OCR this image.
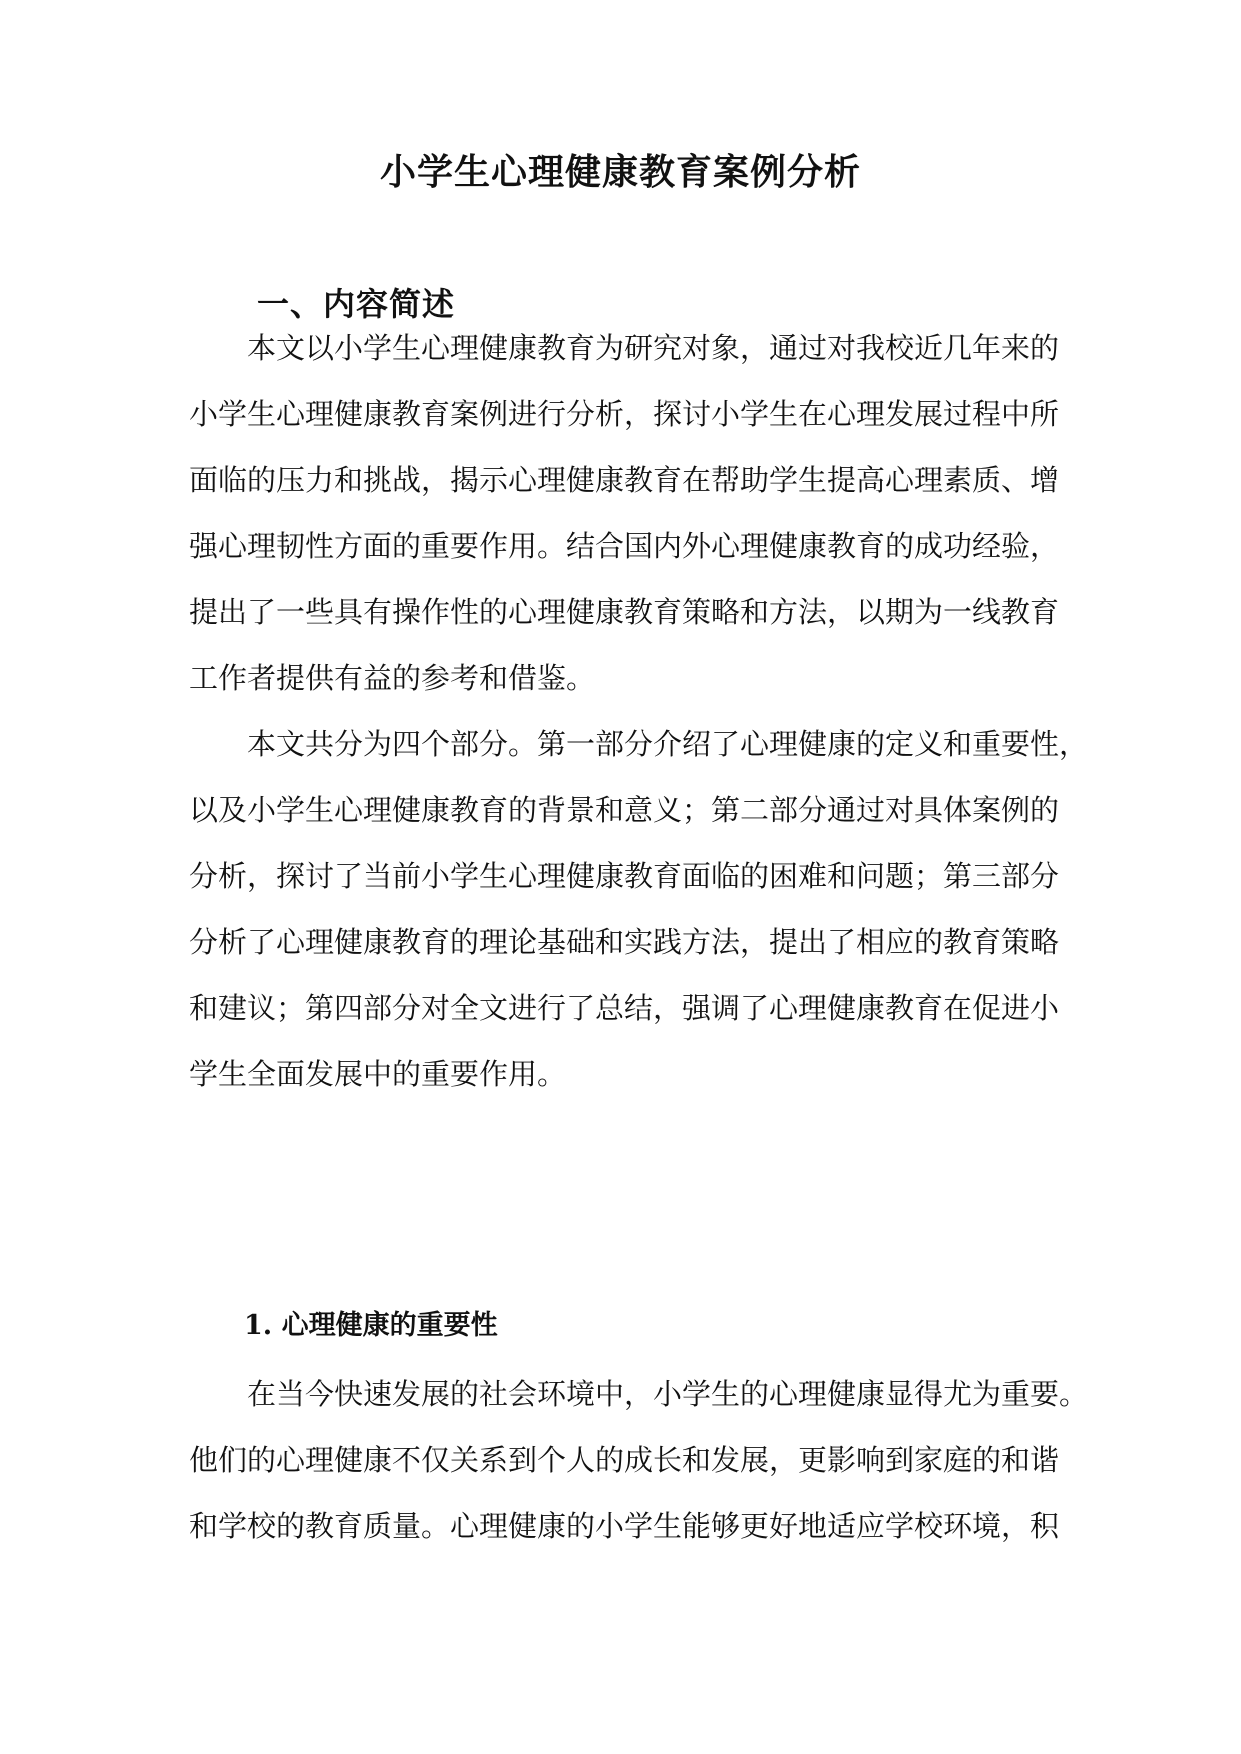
小学生心理健康教育案例分析
一、内容简述
本文以小学生心理健康教育为研究对象，通过对我校近几年来的
小学生心理健康教育案例进行分析，探讨小学生在心理发展过程中所
面临的压力和挑战，揭示心理健康教育在帮助学生提高心理素质、增
强心理韧性方面的重要作用。结合国内外心理健康教育的成功经验，
提出了一些具有操作性的心理健康教育策略和方法，以期为一线教育
工作者提供有益的参考和借鉴。
本文共分为四个部分。第一部分介绍了心理健康的定义和重要性，
以及小学生心理健康教育的背景和意义；第二部分通过对具体案例的
分析，探讨了当前小学生心理健康教育面临的困难和问题；第三部分
分析了心理健康教育的理论基础和实践方法，提出了相应的教育策略
和建议；第四部分对全文进行了总结，强调了心理健康教育在促进小
学生全面发展中的重要作用。
1. 心理健康的重要性
在当今快速发展的社会环境中，小学生的心理健康显得尤为重要。
他们的心理健康不仅关系到个人的成长和发展，更影响到家庭的和谐
和学校的教育质量。心理健康的小学生能够更好地适应学校环境，积
